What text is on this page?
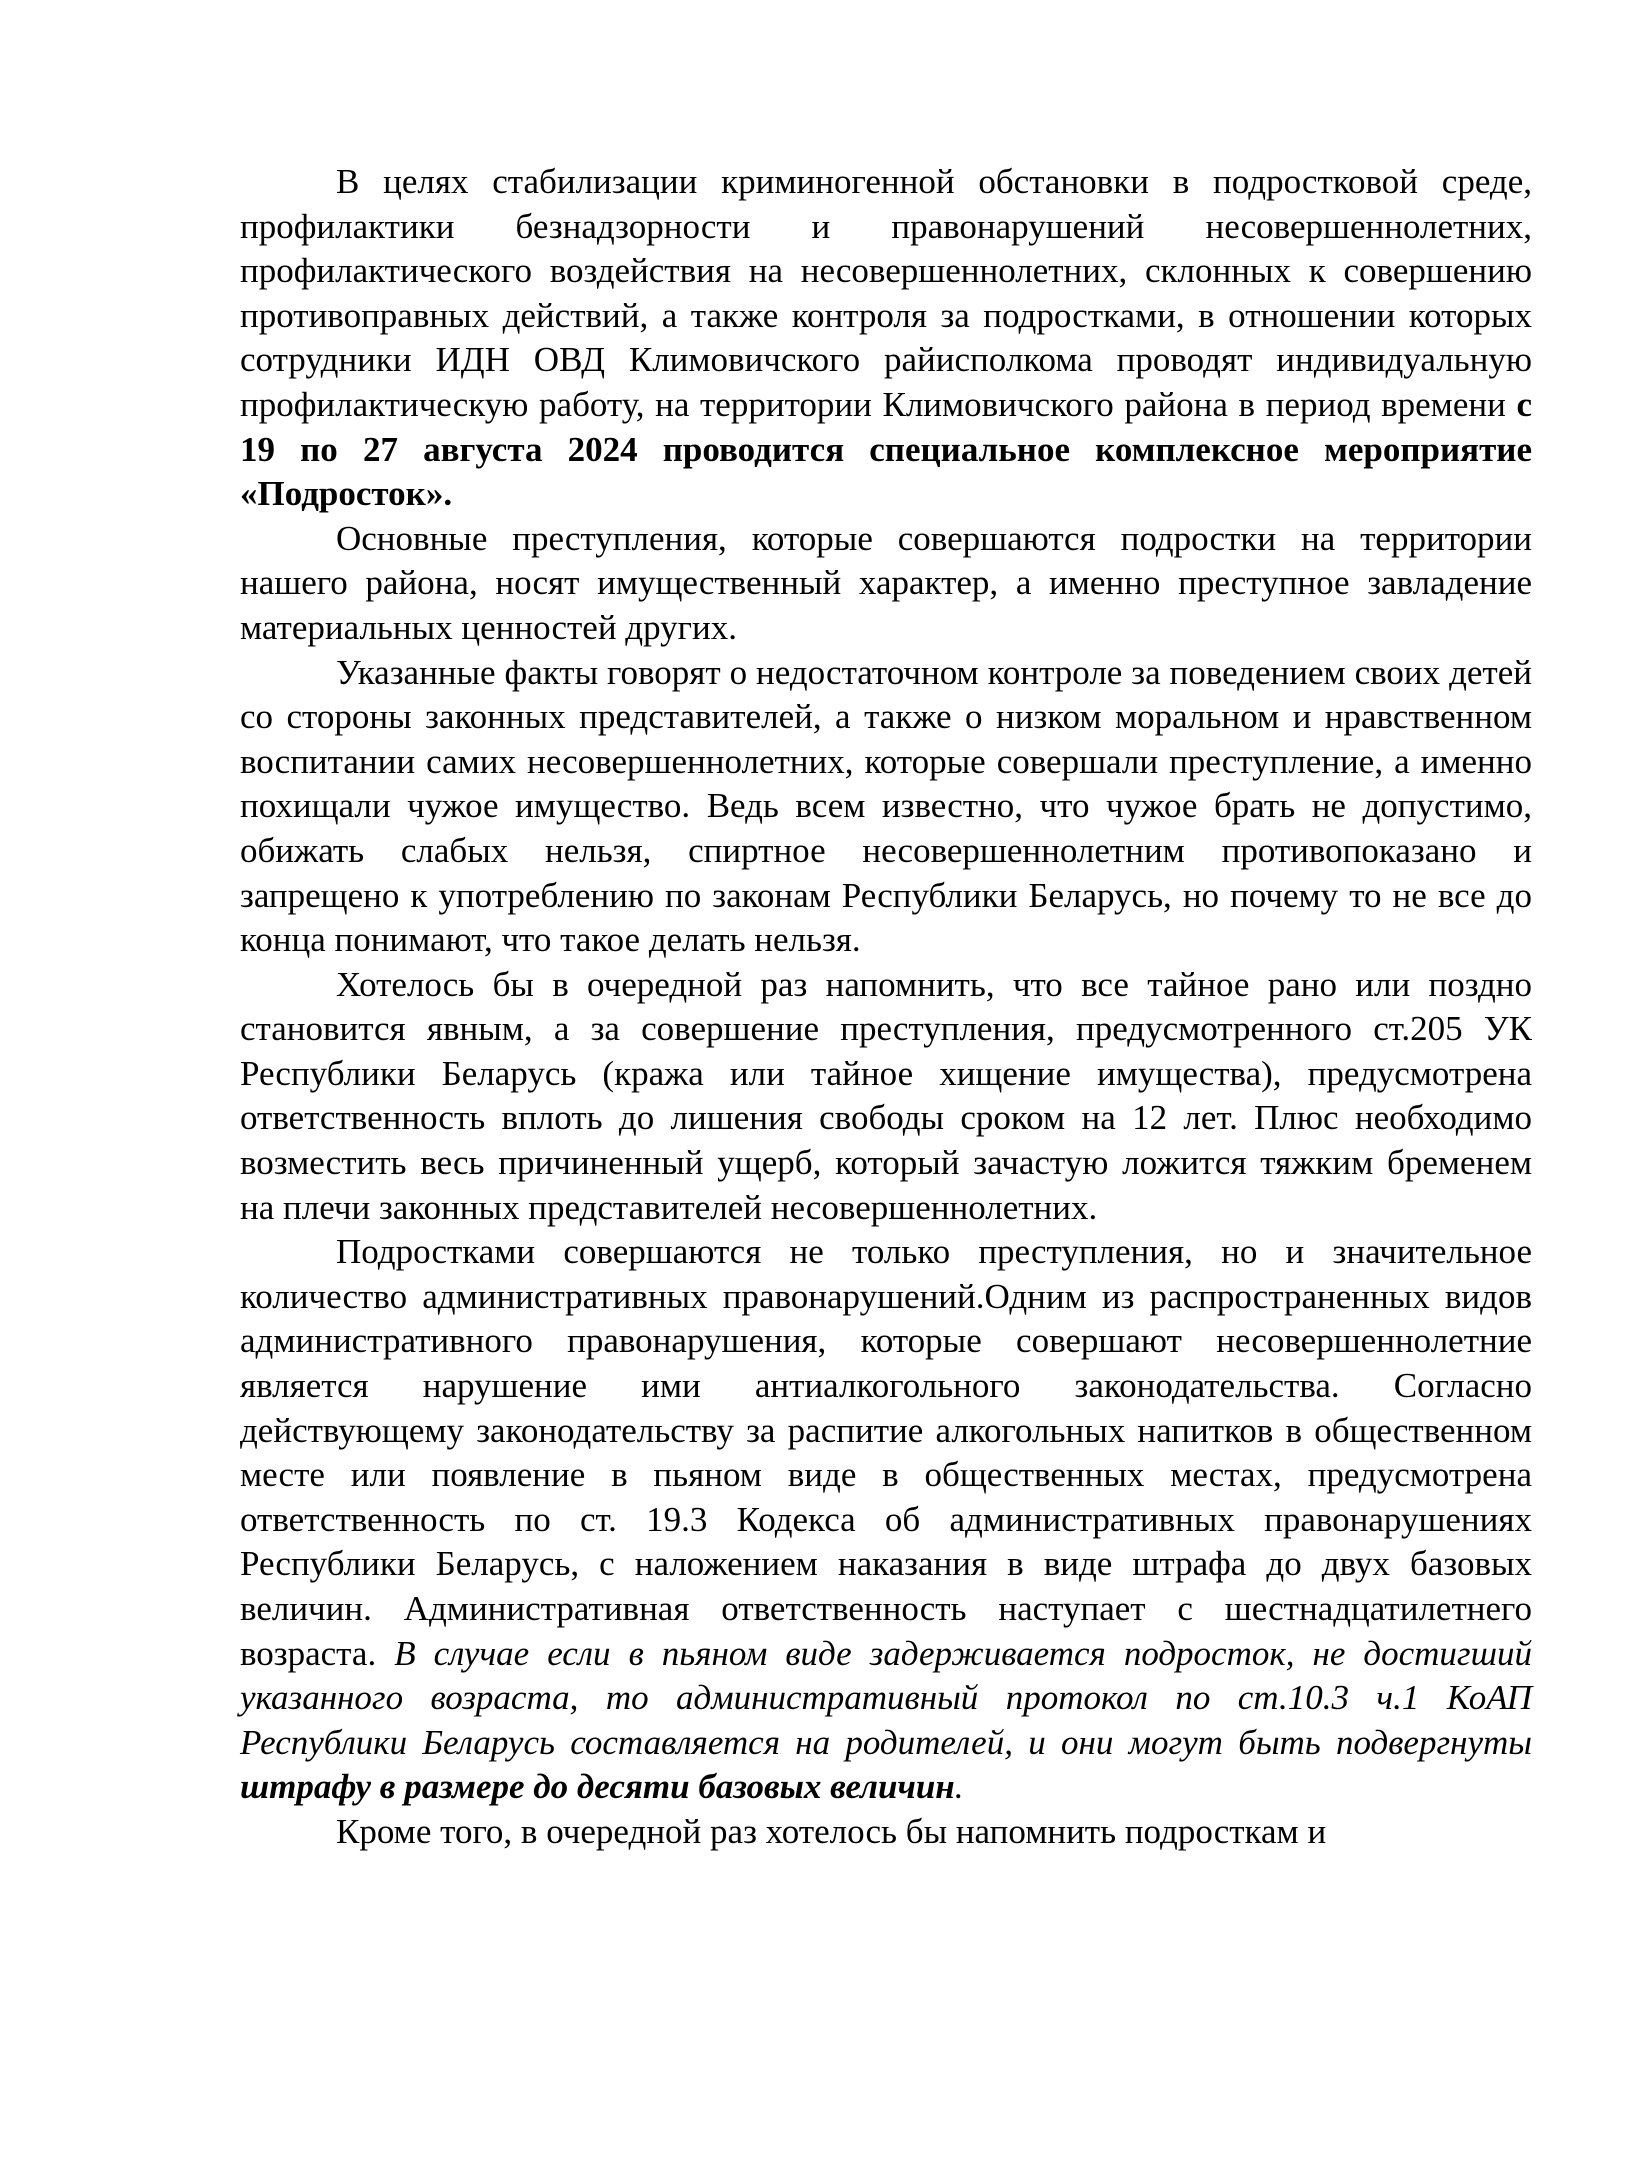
В целях стабилизации криминогенной обстановки в подростковой среде, профилактики безнадзорности и правонарушений несовершеннолетних, профилактического воздействия на несовершеннолетних, склонных к совершению противоправных действий, а также контроля за подростками, в отношении которых сотрудники ИДН ОВД Климовичского райисполкома проводят индивидуальную профилактическую работу, на территории Климовичского района в период времени с 19 по 27 августа 2024 проводится специальное комплексное мероприятие «Подросток».

Основные преступления, которые совершаются подростки на территории нашего района, носят имущественный характер, а именно преступное завладение материальных ценностей других.

Указанные факты говорят о недостаточном контроле за поведением своих детей со стороны законных представителей, а также о низком моральном и нравственном воспитании самих несовершеннолетних, которые совершали преступление, а именно похищали чужое имущество. Ведь всем известно, что чужое брать не допустимо, обижать слабых нельзя, спиртное несовершеннолетним противопоказано и запрещено к употреблению по законам Республики Беларусь, но почему то не все до конца понимают, что такое делать нельзя.

Хотелось бы в очередной раз напомнить, что все тайное рано или поздно становится явным, а за совершение преступления, предусмотренного ст.205 УК Республики Беларусь (кража или тайное хищение имущества), предусмотрена ответственность вплоть до лишения свободы сроком на 12 лет. Плюс необходимо возместить весь причиненный ущерб, который зачастую ложится тяжким бременем на плечи законных представителей несовершеннолетних.

Подростками совершаются не только преступления, но и значительное количество административных правонарушений.Одним из распространенных видов административного правонарушения, которые совершают несовершеннолетние является нарушение ими антиалкогольного законодательства. Согласно действующему законодательству за распитие алкогольных напитков в общественном месте или появление в пьяном виде в общественных местах, предусмотрена ответственность по ст. 19.3 Кодекса об административных правонарушениях Республики Беларусь, с наложением наказания в виде штрафа до двух базовых величин. Административная ответственность наступает с шестнадцатилетнего возраста. В случае если в пьяном виде задерживается подросток, не достигший указанного возраста, то административный протокол по ст.10.3 ч.1 КоАП Республики Беларусь составляется на родителей, и они могут быть подвергнуты штрафу в размере до десяти базовых величин.

Кроме того, в очередной раз хотелось бы напомнить подросткам и
